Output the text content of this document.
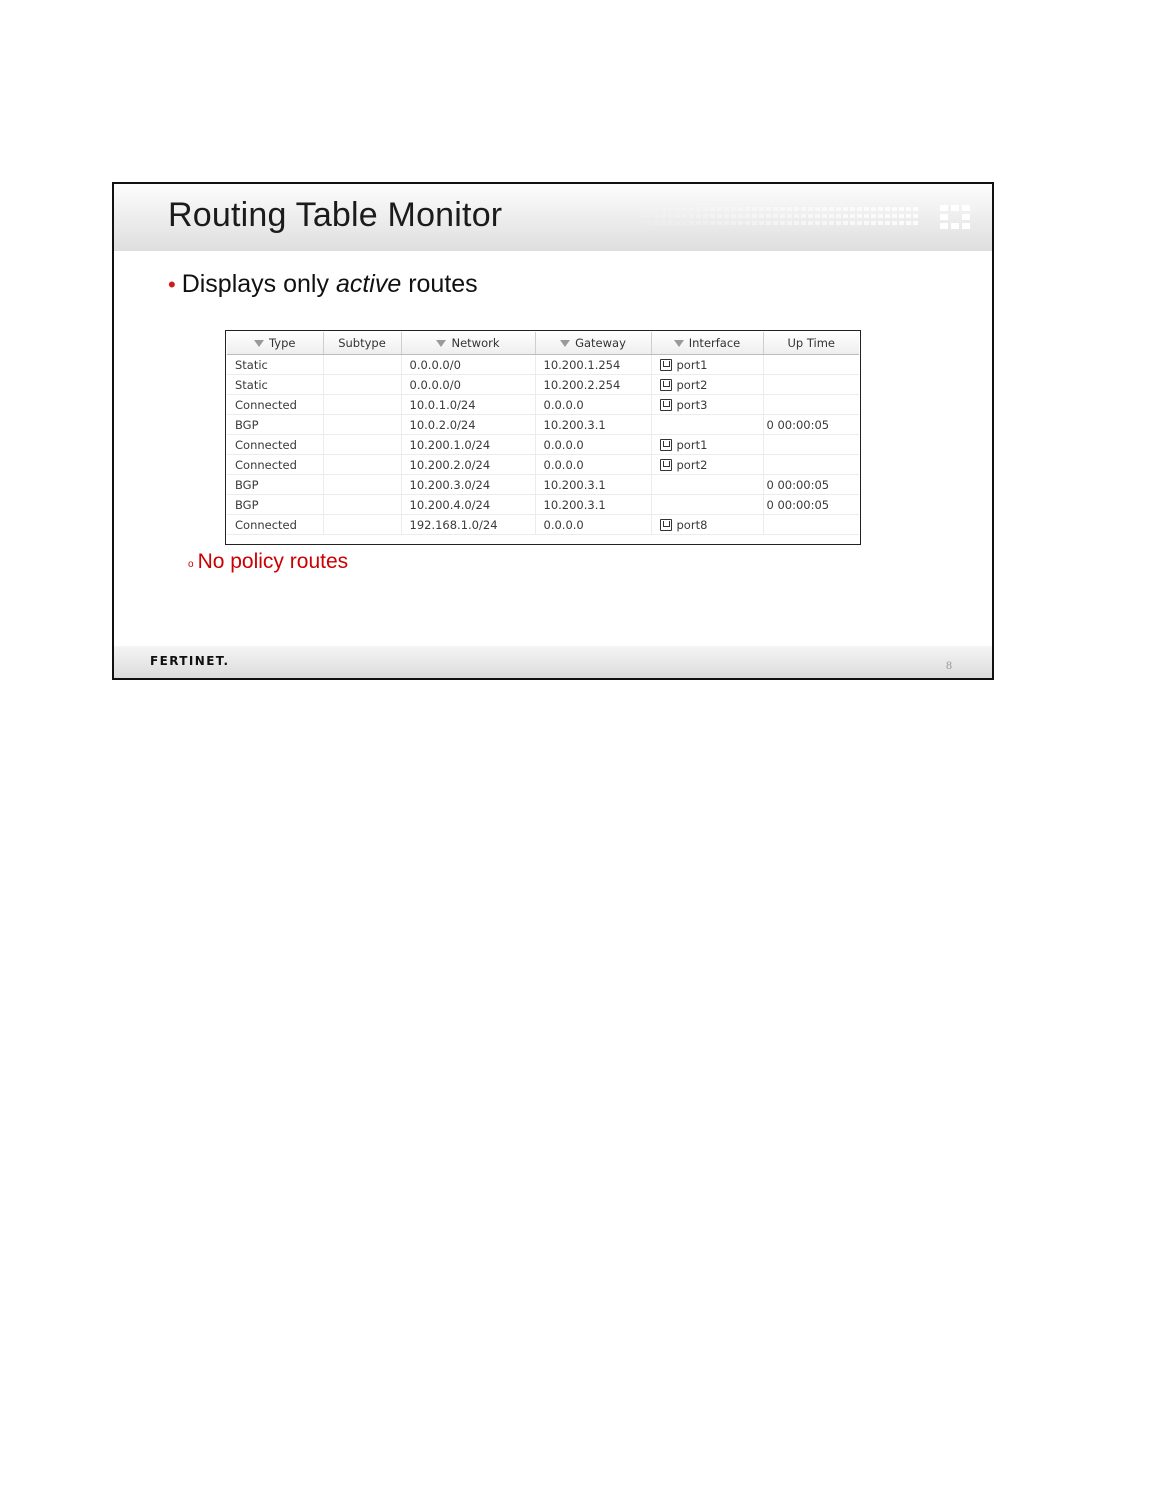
Routing Table Monitor
• Displays only active routes
Type	Subtype	Network	Gateway	Interface	Up Time
Static		0.0.0.0/0	10.200.1.254	port1	
Static		0.0.0.0/0	10.200.2.254	port2	
Connected		10.0.1.0/24	0.0.0.0	port3	
BGP		10.0.2.0/24	10.200.3.1		0 00:00:05
Connected		10.200.1.0/24	0.0.0.0	port1	
Connected		10.200.2.0/24	0.0.0.0	port2	
BGP		10.200.3.0/24	10.200.3.1		0 00:00:05
BGP		10.200.4.0/24	10.200.3.1		0 00:00:05
Connected		192.168.1.0/24	0.0.0.0	port8	
o No policy routes
FERTINET.	8
